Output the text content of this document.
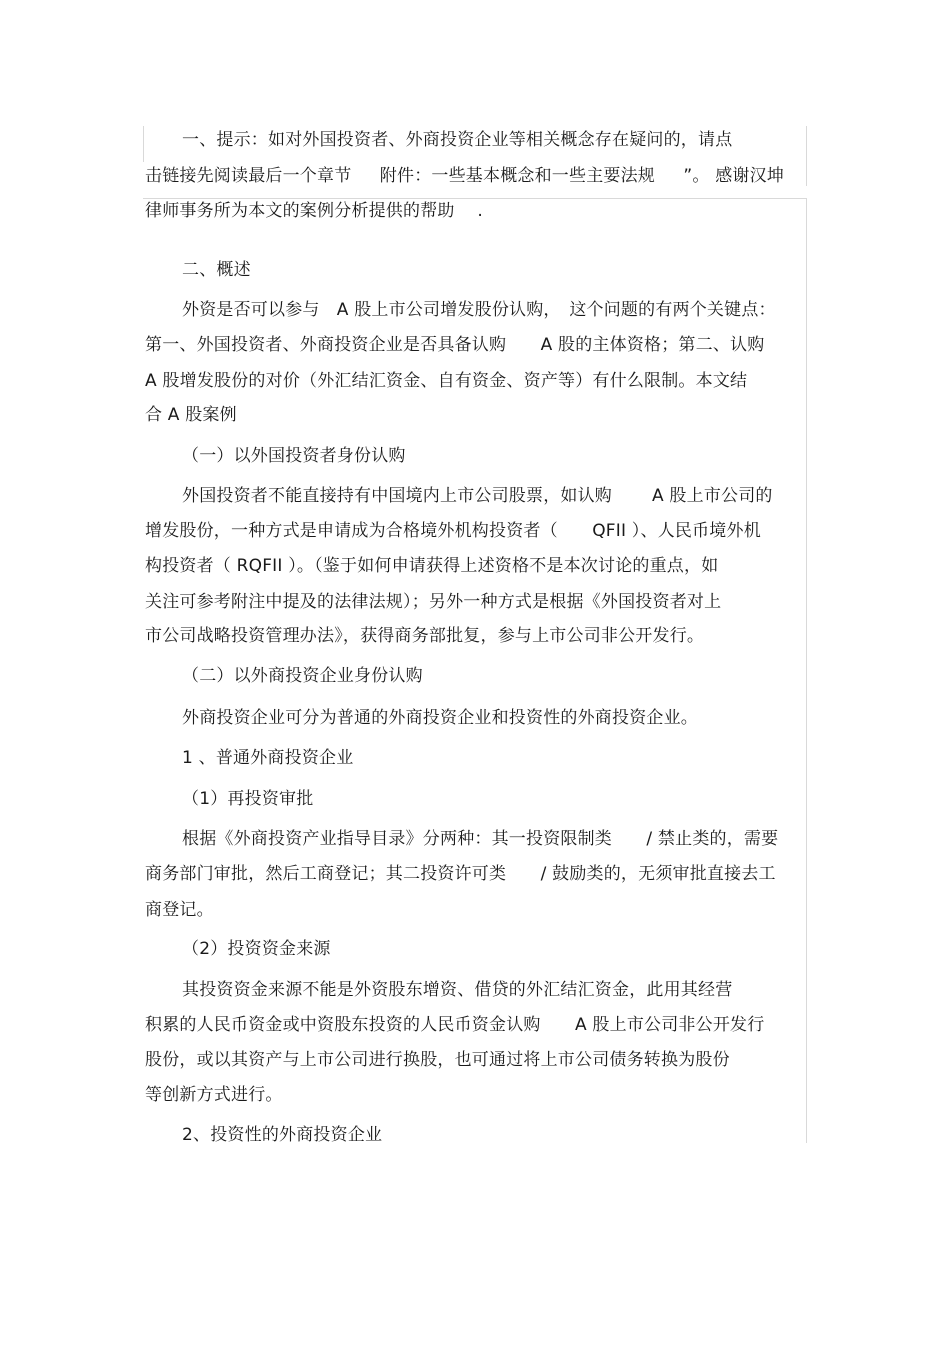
一、提示：如对外国投资者、外商投资企业等相关概念存在疑问的，请点
击链接先阅读最后一个章节　  附件：一些基本概念和一些主要法规　  ”。 感谢汉坤
律师事务所为本文的案例分析提供的帮助　 .
二、概述
外资是否可以参与　A 股上市公司增发股份认购，　这个问题的有两个关键点：
第一、外国投资者、外商投资企业是否具备认购　　A 股的主体资格；第二、认购
A 股增发股份的对价（外汇结汇资金、自有资金、资产等）有什么限制。本文结
合 A 股案例
（一）以外国投资者身份认购
外国投资者不能直接持有中国境内上市公司股票，如认购　　 A 股上市公司的
增发股份，一种方式是申请成为合格境外机构投资者（　　QFII ）、人民币境外机
构投资者（ RQFII ）。（鉴于如何申请获得上述资格不是本次讨论的重点，如
关注可参考附注中提及的法律法规）；另外一种方式是根据《外国投资者对上
市公司战略投资管理办法》，获得商务部批复，参与上市公司非公开发行。
（二）以外商投资企业身份认购
外商投资企业可分为普通的外商投资企业和投资性的外商投资企业。
1 、普通外商投资企业
（1）再投资审批
根据《外商投资产业指导目录》分两种：其一投资限制类　　/ 禁止类的，需要
商务部门审批，然后工商登记；其二投资许可类　　/ 鼓励类的，无须审批直接去工
商登记。
（2）投资资金来源
其投资资金来源不能是外资股东增资、借贷的外汇结汇资金，此用其经营
积累的人民币资金或中资股东投资的人民币资金认购　　A 股上市公司非公开发行
股份，或以其资产与上市公司进行换股，也可通过将上市公司债务转换为股份
等创新方式进行。
2、投资性的外商投资企业
